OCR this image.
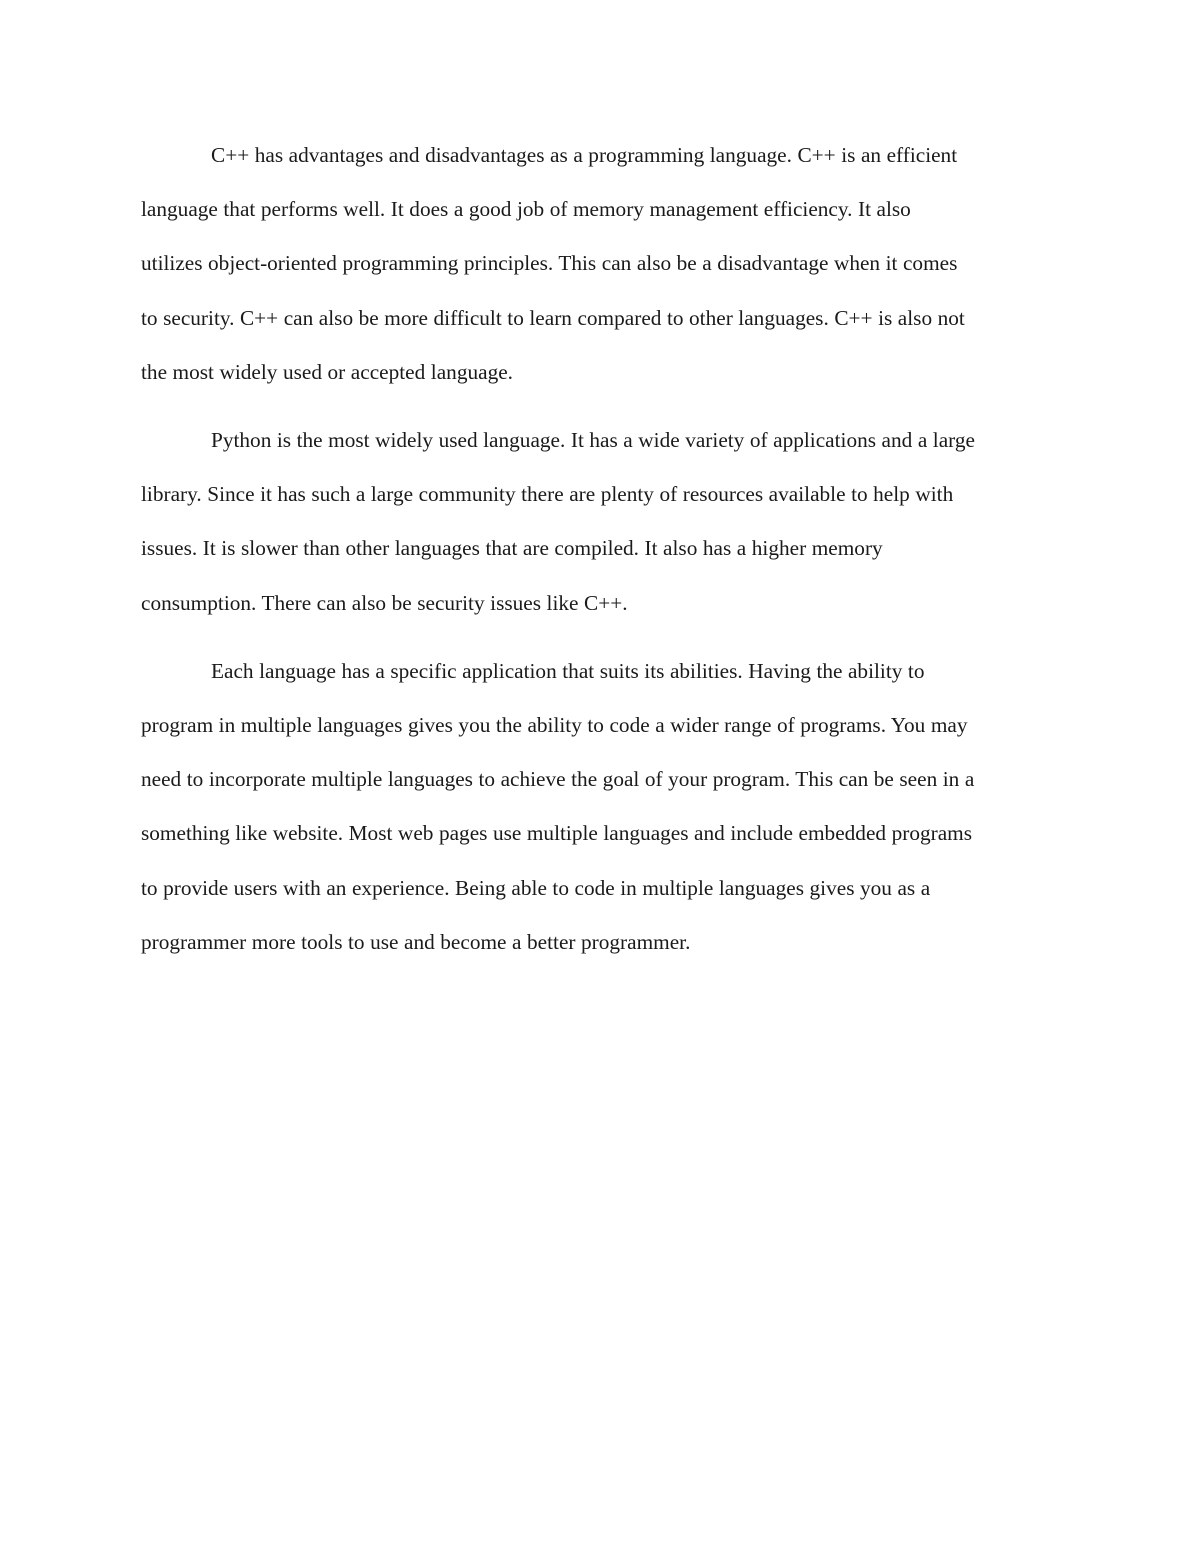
C++ has advantages and disadvantages as a programming language. C++ is an efficient
language that performs well. It does a good job of memory management efficiency. It also
utilizes object-oriented programming principles. This can also be a disadvantage when it comes
to security. C++ can also be more difficult to learn compared to other languages. C++ is also not
the most widely used or accepted language.

Python is the most widely used language. It has a wide variety of applications and a large
library. Since it has such a large community there are plenty of resources available to help with
issues. It is slower than other languages that are compiled. It also has a higher memory
consumption. There can also be security issues like C++.

Each language has a specific application that suits its abilities. Having the ability to
program in multiple languages gives you the ability to code a wider range of programs. You may
need to incorporate multiple languages to achieve the goal of your program. This can be seen in a
something like website. Most web pages use multiple languages and include embedded programs
to provide users with an experience. Being able to code in multiple languages gives you as a
programmer more tools to use and become a better programmer.
